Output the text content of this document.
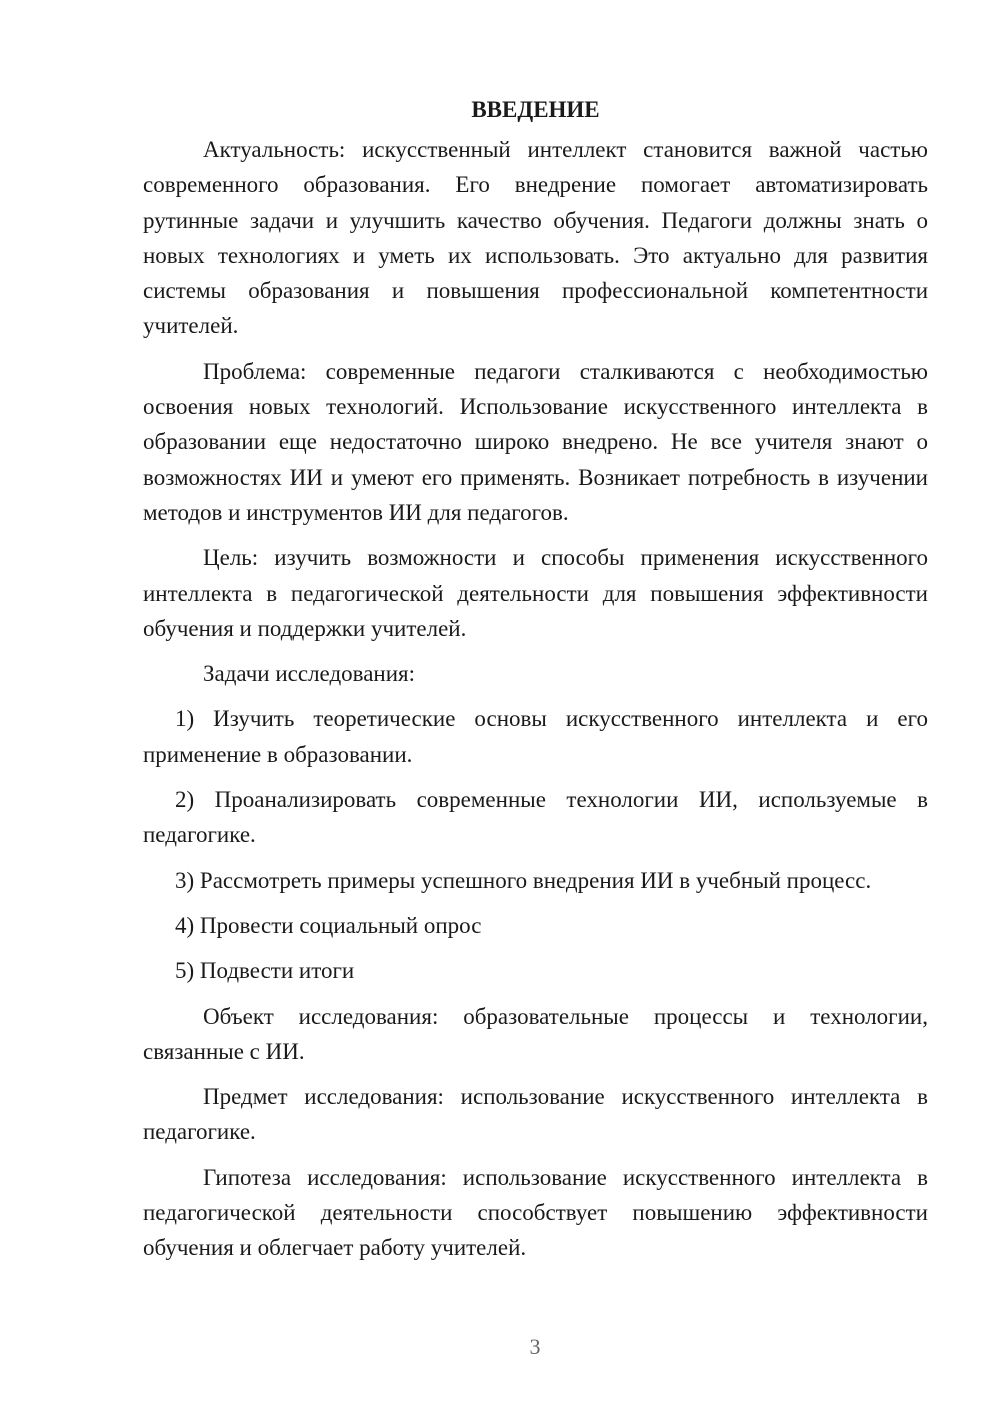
ВВЕДЕНИЕ

Актуальность: искусственный интеллект становится важной частью современного образования. Его внедрение помогает автоматизировать рутинные задачи и улучшить качество обучения. Педагоги должны знать о новых технологиях и уметь их использовать. Это актуально для развития системы образования и повышения профессиональной компетентности учителей.

Проблема: современные педагоги сталкиваются с необходимостью освоения новых технологий. Использование искусственного интеллекта в образовании еще недостаточно широко внедрено. Не все учителя знают о возможностях ИИ и умеют его применять. Возникает потребность в изучении методов и инструментов ИИ для педагогов.

Цель: изучить возможности и способы применения искусственного интеллекта в педагогической деятельности для повышения эффективности обучения и поддержки учителей.

Задачи исследования:

1) Изучить теоретические основы искусственного интеллекта и его применение в образовании.

2) Проанализировать современные технологии ИИ, используемые в педагогике.

3) Рассмотреть примеры успешного внедрения ИИ в учебный процесс.

4) Провести социальный опрос

5) Подвести итоги

Объект исследования: образовательные процессы и технологии, связанные с ИИ.

Предмет исследования: использование искусственного интеллекта в педагогике.

Гипотеза исследования: использование искусственного интеллекта в педагогической деятельности способствует повышению эффективности обучения и облегчает работу учителей.

3
